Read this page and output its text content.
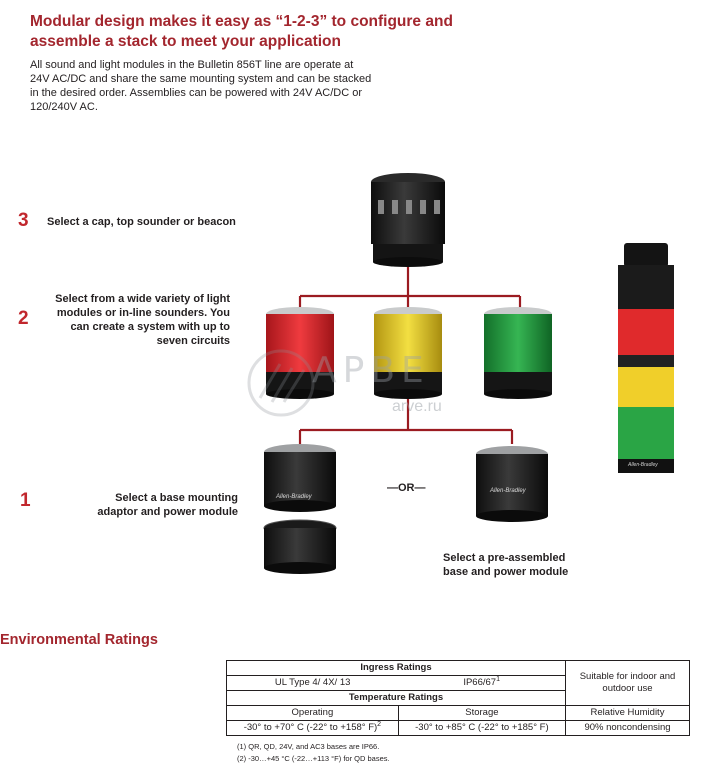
Modular design makes it easy as “1-2-3” to configure and
assemble a stack to meet your application
All sound and light modules in the Bulletin 856T line are operate at
24V AC/DC and share the same mounting system and can be stacked
in the desired order. Assemblies can be powered with 24V AC/DC or
120/240V AC.
Allen-Bradley
Allen-Bradley
Allen-Bradley
АРВЕ
arve.ru
3 Select a cap, top sounder or beacon
2
Select from a wide variety of light
modules or in-line sounders. You
can create a system with up to
seven circuits
1	Select a base mounting
adaptor and power module
—OR—
Select a pre-assembled
base and power module
Environmental Ratings
Ingress Ratings		Suitable for indoor and outdoor use
UL Type 4/ 4X/ 13	$IP66/67^1$
Temperature Ratings		
Operating	Storage	Relative Humidity
-30° to +70° C (-22° to +158° F)$^2$	-30° to +85° C (-22° to +185° F)	90% noncondensing
(1) QR, QD, 24V, and AC3 bases are IP66.
(2) -30…+45 °C (-22…+113 °F) for QD bases.
